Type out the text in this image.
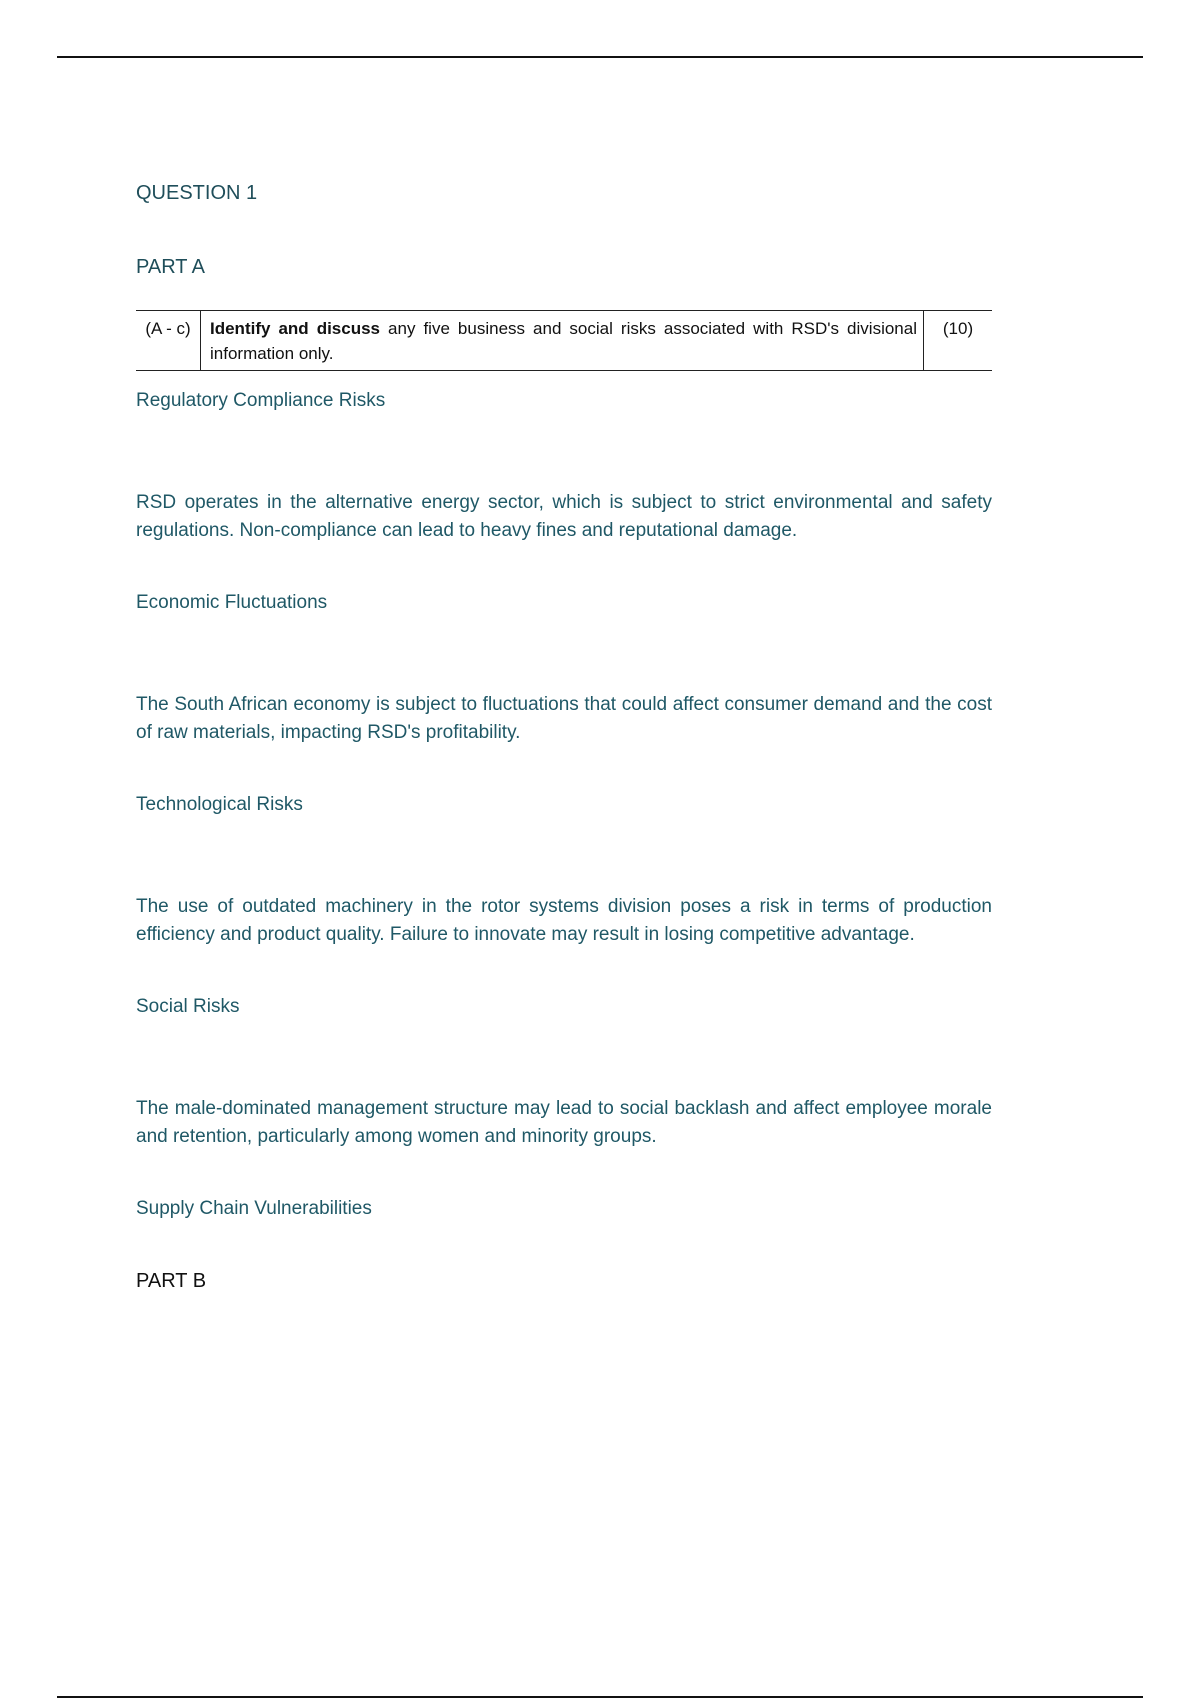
QUESTION 1
PART A
(A - c)	Identify and discuss any five business and social risks associated with RSD's divisional information only.	(10)
Regulatory Compliance Risks
RSD operates in the alternative energy sector, which is subject to strict environmental and safety regulations. Non-compliance can lead to heavy fines and reputational damage.
Economic Fluctuations
The South African economy is subject to fluctuations that could affect consumer demand and the cost of raw materials, impacting RSD's profitability.
Technological Risks
The use of outdated machinery in the rotor systems division poses a risk in terms of production efficiency and product quality. Failure to innovate may result in losing competitive advantage.
Social Risks
The male-dominated management structure may lead to social backlash and affect employee morale and retention, particularly among women and minority groups.
Supply Chain Vulnerabilities
PART B
